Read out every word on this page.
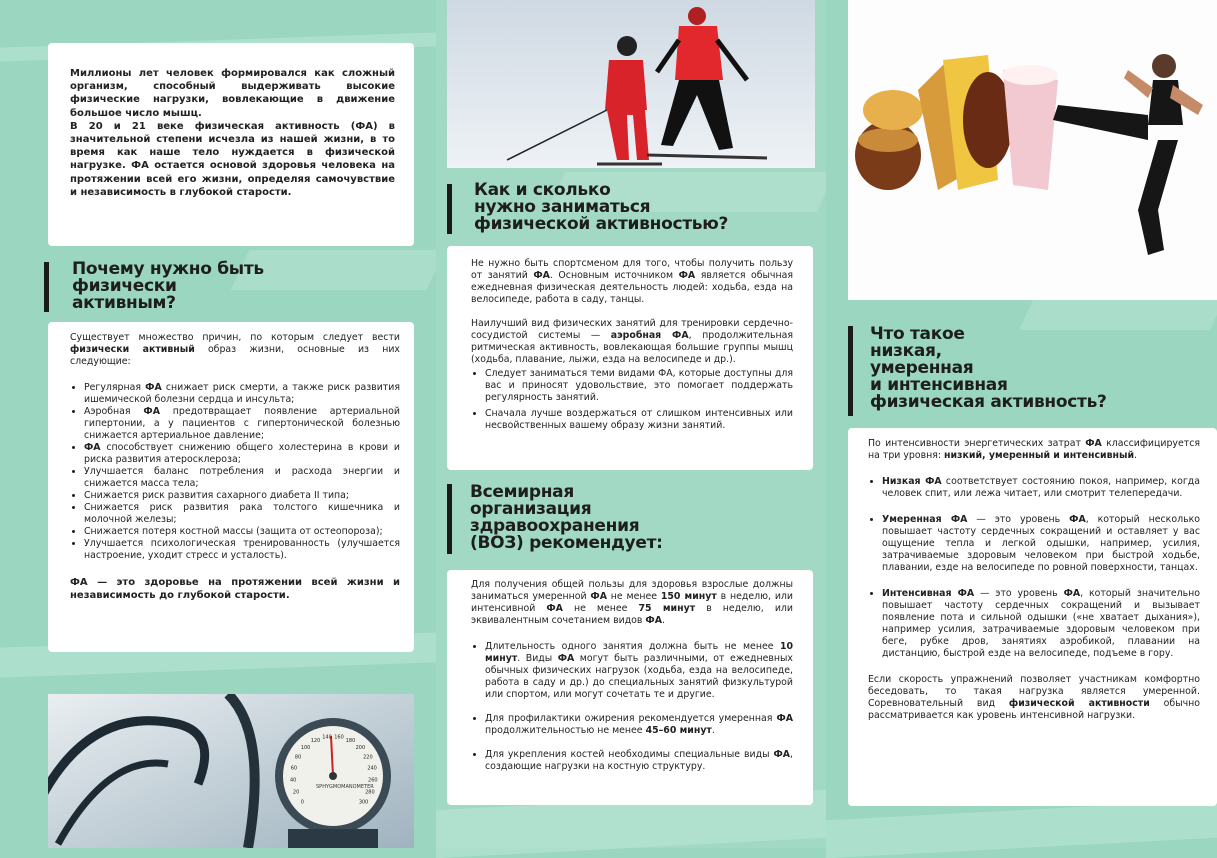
Миллионы лет человек формировался как сложный организм, способный выдерживать высокие физические нагрузки, вовлекающие в движение большое число мышц.

В 20 и 21 веке физическая активность (ФА) в значительной степени исчезла из нашей жизни, в то время как наше тело нуждается в физической нагрузке. ФА остается основой здоровья человека на протяжении всей его жизни, определяя самочувствие и независимость в глубокой старости.

Почему нужно быть
физически
активным?

Существует множество причин, по которым следует вести физически активный образ жизни, основные из них следующие:

• Регулярная ФА снижает риск смерти, а также риск развития ишемической болезни сердца и инсульта;
• Аэробная ФА предотвращает появление артериальной гипертонии, а у пациентов с гипертонической болезнью снижается артериальное давление;
• ФА способствует снижению общего холестерина в крови и риска развития атеросклероза;
• Улучшается баланс потребления и расхода энергии и снижается масса тела;
• Снижается риск развития сахарного диабета II типа;
• Снижается риск развития рака толстого кишечника и молочной железы;
• Снижается потеря костной массы (защита от остеопороза);
• Улучшается психологическая тренированность (улучшается настроение, уходит стресс и усталость).

ФА — это здоровье на протяжении всей жизни и независимость до глубокой старости.

SPHYGMOMANOMETER
0
20
40
60
80
100
120
140 160
180
200
220
240
260
280
300
Как и сколько
нужно заниматься
физической активностью?

Не нужно быть спортсменом для того, чтобы получить пользу от занятий ФА. Основным источником ФА является обычная ежедневная физическая деятельность людей: ходьба, езда на велосипеде, работа в саду, танцы.

Наилучший вид физических занятий для тренировки сердечно-сосудистой системы — аэробная ФА, продолжительная ритмическая активность, вовлекающая большие группы мышц (ходьба, плавание, лыжи, езда на велосипеде и др.).

• Следует заниматься теми видами ФА, которые доступны для вас и приносят удовольствие, это помогает поддержать регулярность занятий.
• Сначала лучше воздержаться от слишком интенсивных или несвойственных вашему образу жизни занятий.
Всемирная
организация
здравоохранения
(ВОЗ) рекомендует:

Для получения общей пользы для здоровья взрослые должны заниматься умеренной ФА не менее 150 минут в неделю, или интенсивной ФА не менее 75 минут в неделю, или эквивалентным сочетанием видов ФА.

• Длительность одного занятия должна быть не менее 10 минут. Виды ФА могут быть различными, от ежедневных обычных физических нагрузок (ходьба, езда на велосипеде, работа в саду и др.) до специальных занятий физкультурой или спортом, или могут сочетать те и другие.
• Для профилактики ожирения рекомендуется умеренная ФА продолжительностью не менее 45–60 минут.
• Для укрепления костей необходимы специальные виды ФА, создающие нагрузки на костную структуру.
Что такое
низкая,
умеренная
и интенсивная
физическая активность?

По интенсивности энергетических затрат ФА классифицируется на три уровня: низкий, умеренный и интенсивный.

• Низкая ФА соответствует состоянию покоя, например, когда человек спит, или лежа читает, или смотрит телепередачи.
• Умеренная ФА — это уровень ФА, который несколько повышает частоту сердечных сокращений и оставляет у вас ощущение тепла и легкой одышки, например, усилия, затрачиваемые здоровым человеком при быстрой ходьбе, плавании, езде на велосипеде по ровной поверхности, танцах.
• Интенсивная ФА — это уровень ФА, который значительно повышает частоту сердечных сокращений и вызывает появление пота и сильной одышки («не хватает дыхания»), например усилия, затрачиваемые здоровым человеком при беге, рубке дров, занятиях аэробикой, плавании на дистанцию, быстрой езде на велосипеде, подъеме в гору.

Если скорость упражнений позволяет участникам комфортно беседовать, то такая нагрузка является умеренной. Соревновательный вид физической активности обычно рассматривается как уровень интенсивной нагрузки.
